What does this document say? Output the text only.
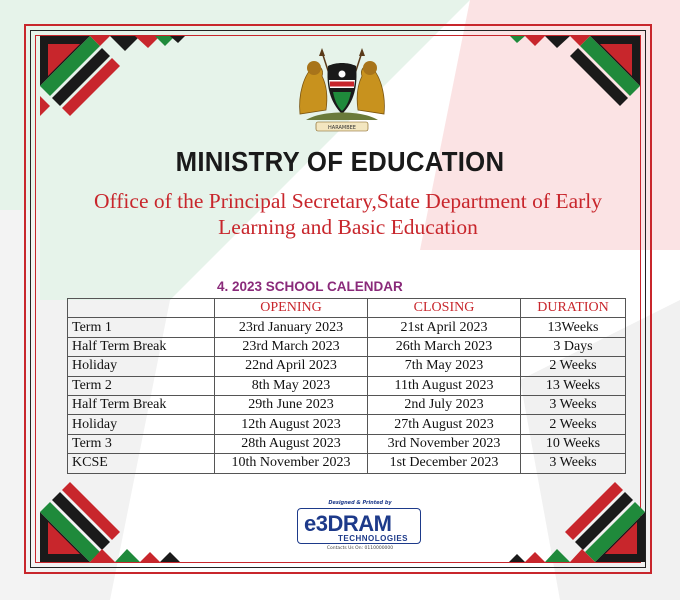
HARAMBEE
MINISTRY OF EDUCATION
Office of the Principal Secretary,State Department of Early
Learning and Basic Education
4. 2023 SCHOOL CALENDAR
	OPENING	CLOSING	DURATION
Term 1	23rd January 2023	21st April 2023	13Weeks
Half Term Break	23rd March 2023	26th March 2023	3 Days
Holiday	22nd April 2023	7th May 2023	2 Weeks
Term 2	8th May 2023	11th August 2023	13 Weeks
Half Term Break	29th June 2023	2nd July 2023	3 Weeks
Holiday	12th August 2023	27th August 2023	2 Weeks
Term 3	28th August 2023	3rd November 2023	10 Weeks
KCSE	10th November 2023	1st December 2023	3 Weeks
Designed & Printed by
e3DRAM
TECHNOLOGIES
Contacts Us On: 0110000000
